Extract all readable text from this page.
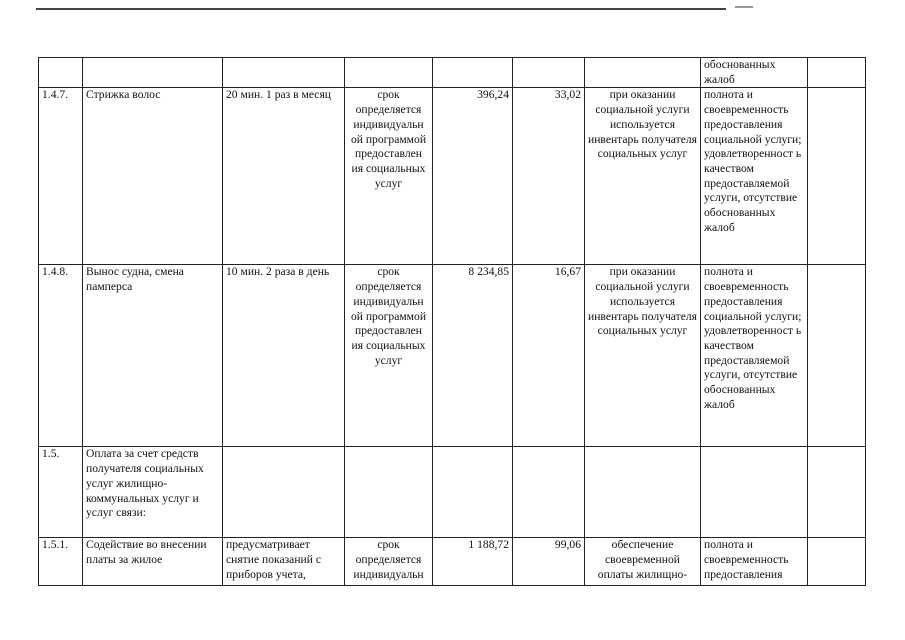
							обоснованных жалоб	
1.4.7.	Стрижка волос	20 мин. 1 раз в месяц	срок определяется индивидуальн ой программой предоставлен ия социальных услуг	396,24	33,02	при оказании социальной услуги используется инвентарь получателя социальных услуг	полнота и своевременность предоставления социальной услуги; удовлетворенност ь качеством предоставляемой услуги, отсутствие обоснованных жалоб	
1.4.8.	Вынос судна, смена памперса	10 мин. 2 раза в день	срок определяется индивидуальн ой программой предоставлен ия социальных услуг	8 234,85	16,67	при оказании социальной услуги используется инвентарь получателя социальных услуг	полнота и своевременность предоставления социальной услуги; удовлетворенност ь качеством предоставляемой услуги, отсутствие обоснованных жалоб	
1.5.	Оплата за счет средств получателя социальных услуг жилищно- коммунальных услуг и услуг связи:							
1.5.1.	Содействие во внесении платы за жилое	предусматривает снятие показаний с приборов учета,	срок определяется индивидуальн	1 188,72	99,06	обеспечение своевременной оплаты жилищно-	полнота и своевременность предоставления	
